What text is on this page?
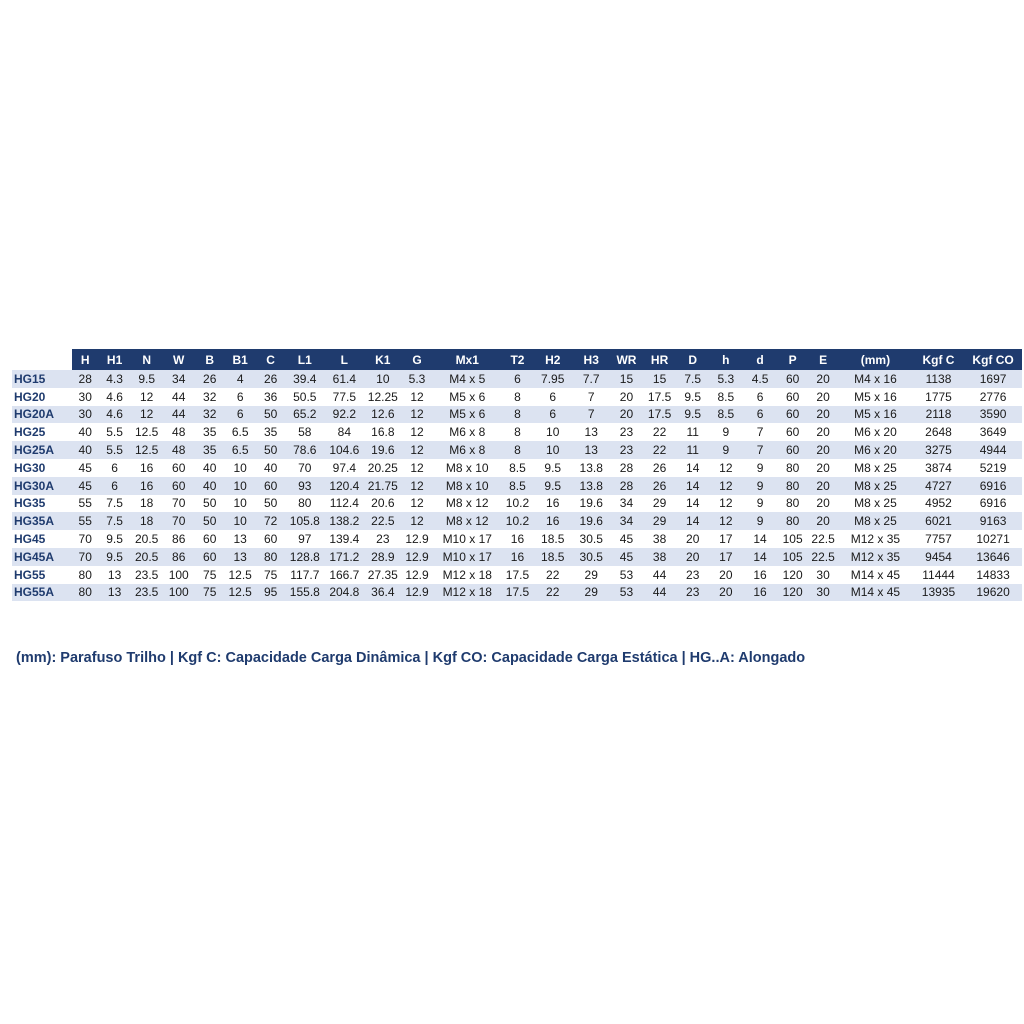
	H	H1	N	W	B	B1	C	L1	L	K1	G	Mx1	T2	H2	H3	WR	HR	D	h	d	P	E	(mm)	Kgf C	Kgf CO
HG15	28	4.3	9.5	34	26	4	26	39.4	61.4	10	5.3	M4 x 5	6	7.95	7.7	15	15	7.5	5.3	4.5	60	20	M4 x 16	1138	1697
HG20	30	4.6	12	44	32	6	36	50.5	77.5	12.25	12	M5 x 6	8	6	7	20	17.5	9.5	8.5	6	60	20	M5 x 16	1775	2776
HG20A	30	4.6	12	44	32	6	50	65.2	92.2	12.6	12	M5 x 6	8	6	7	20	17.5	9.5	8.5	6	60	20	M5 x 16	2118	3590
HG25	40	5.5	12.5	48	35	6.5	35	58	84	16.8	12	M6 x 8	8	10	13	23	22	11	9	7	60	20	M6 x 20	2648	3649
HG25A	40	5.5	12.5	48	35	6.5	50	78.6	104.6	19.6	12	M6 x 8	8	10	13	23	22	11	9	7	60	20	M6 x 20	3275	4944
HG30	45	6	16	60	40	10	40	70	97.4	20.25	12	M8 x 10	8.5	9.5	13.8	28	26	14	12	9	80	20	M8 x 25	3874	5219
HG30A	45	6	16	60	40	10	60	93	120.4	21.75	12	M8 x 10	8.5	9.5	13.8	28	26	14	12	9	80	20	M8 x 25	4727	6916
HG35	55	7.5	18	70	50	10	50	80	112.4	20.6	12	M8 x 12	10.2	16	19.6	34	29	14	12	9	80	20	M8 x 25	4952	6916
HG35A	55	7.5	18	70	50	10	72	105.8	138.2	22.5	12	M8 x 12	10.2	16	19.6	34	29	14	12	9	80	20	M8 x 25	6021	9163
HG45	70	9.5	20.5	86	60	13	60	97	139.4	23	12.9	M10 x 17	16	18.5	30.5	45	38	20	17	14	105	22.5	M12 x 35	7757	10271
HG45A	70	9.5	20.5	86	60	13	80	128.8	171.2	28.9	12.9	M10 x 17	16	18.5	30.5	45	38	20	17	14	105	22.5	M12 x 35	9454	13646
HG55	80	13	23.5	100	75	12.5	75	117.7	166.7	27.35	12.9	M12 x 18	17.5	22	29	53	44	23	20	16	120	30	M14 x 45	11444	14833
HG55A	80	13	23.5	100	75	12.5	95	155.8	204.8	36.4	12.9	M12 x 18	17.5	22	29	53	44	23	20	16	120	30	M14 x 45	13935	19620

(mm): Parafuso Trilho | Kgf C: Capacidade Carga Dinâmica | Kgf CO: Capacidade Carga Estática | HG..A: Alongado
